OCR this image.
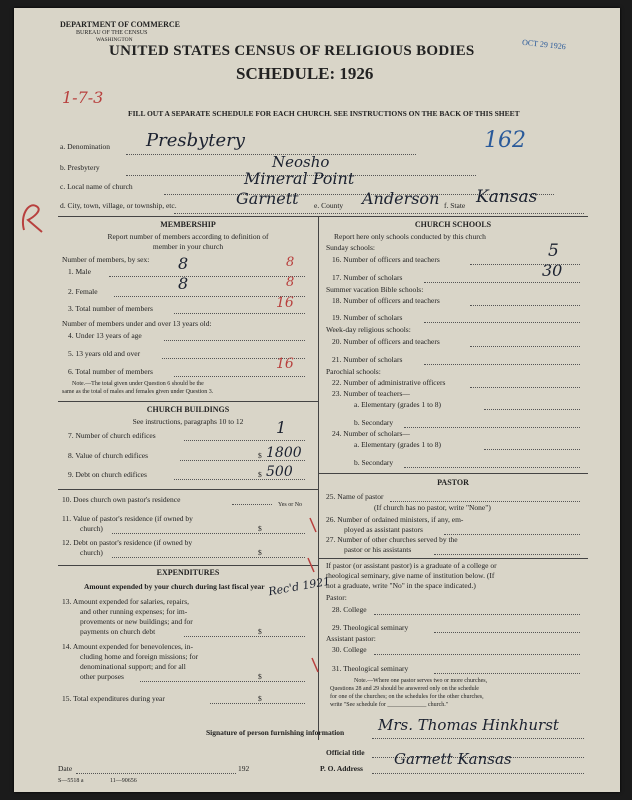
DEPARTMENT OF COMMERCE
BUREAU OF THE CENSUS
WASHINGTON
UNITED STATES CENSUS OF RELIGIOUS BODIES
SCHEDULE: 1926
FILL OUT A SEPARATE SCHEDULE FOR EACH CHURCH. SEE INSTRUCTIONS ON THE BACK OF THIS SHEET
OCT 29 1926
1-7-3
162
a. Denomination Presbytery
b. Presbytery	Neosho
c. Local name of church	Mineral Point
d. City, town, village, or township, etc.	Garnett e. County Anderson f. State Kansas
MEMBERSHIP
Report number of members according to definition of
member in your church
Number of members, by sex:
1. Male	8	8
2. Female	8	8
3. Total number of members	16
Number of members under and over 13 years old:
4. Under 13 years of age
5. 13 years old and over
6. Total number of members	16
Note.—The total given under Question 6 should be the
same as the total of males and females given under Question 3.
CHURCH BUILDINGS
See instructions, paragraphs 10 to 12
7. Number of church edifices	1
8. Value of church edifices	$ 1800
9. Debt on church edifices	$ 500
Yes or No
10. Does church own pastor's residence
11. Value of pastor's residence (if owned by
church)	$
12. Debt on pastor's residence (if owned by
church)	$
EXPENDITURES
Amount expended by your church during last fiscal year Rec'd 1921
13. Amount expended for salaries, repairs,
and other running expenses; for im-
provements or new buildings; and for
payments on church debt	$
14. Amount expended for benevolences, in-
cluding home and foreign missions; for
denominational support; and for all
other purposes	$
15. Total expenditures during year	$
CHURCH SCHOOLS
Report here only schools conducted by this church
Sunday schools:
16. Number of officers and teachers	5
17. Number of scholars	30
Summer vacation Bible schools:
18. Number of officers and teachers
19. Number of scholars
Week-day religious schools:
20. Number of officers and teachers
21. Number of scholars
Parochial schools:
22. Number of administrative officers
23. Number of teachers—
a. Elementary (grades 1 to 8)
b. Secondary
24. Number of scholars—
a. Elementary (grades 1 to 8)
b. Secondary
PASTOR
25. Name of pastor
(If church has no pastor, write "None")
26. Number of ordained ministers, if any, em-
ployed as assistant pastors
27. Number of other churches served by the
pastor or his assistants
If pastor (or assistant pastor) is a graduate of a college or
theological seminary, give name of institution below. (If
not a graduate, write "No" in the space indicated.)
Pastor:
28. College
29. Theological seminary
Assistant pastor:
30. College
31. Theological seminary
Note.—Where one pastor serves two or more churches,
Questions 28 and 29 should be answered only on the schedule
for one of the churches; on the schedules for the other churches,
write "See schedule for _____________ church."
Signature of person furnishing information Mrs. Thomas Hinkhurst
Official title
Date	192	P. O. Address
Garnett Kansas
S—5518 a	11—90656
